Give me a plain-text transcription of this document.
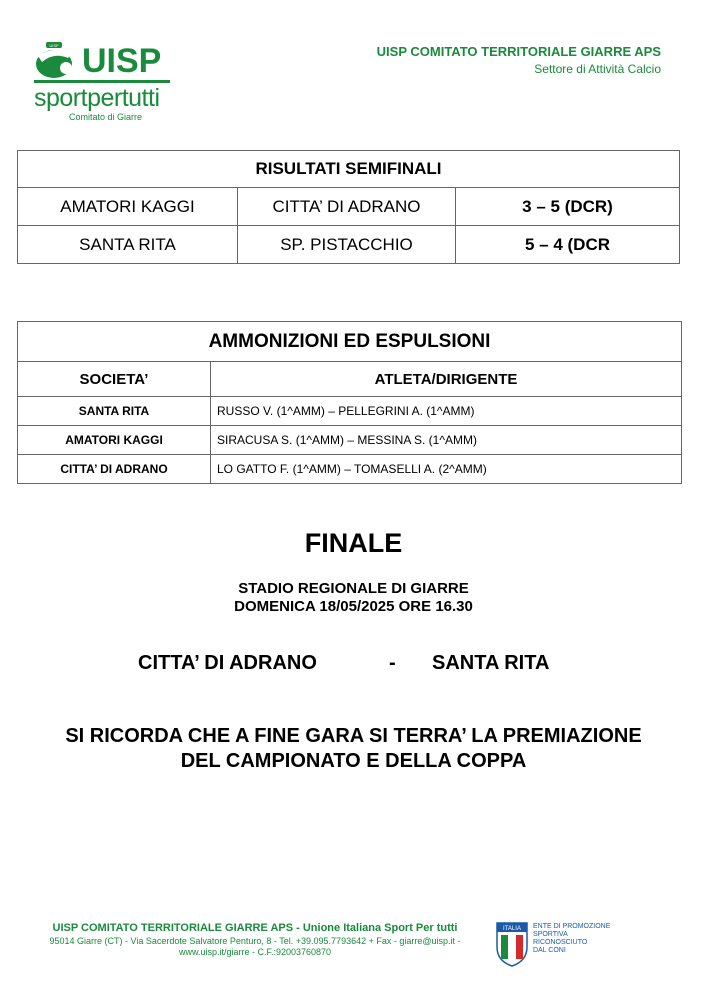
UISP UISP
sportpertutti
Comitato di Giarre
UISP COMITATO TERRITORIALE GIARRE APS
Settore di Attività Calcio
RISULTATI SEMIFINALI		
AMATORI KAGGI	CITTA’ DI ADRANO	3 – 5 (DCR)
SANTA RITA	SP. PISTACCHIO	5 – 4 (DCR
AMMONIZIONI ED ESPULSIONI	
SOCIETA’	ATLETA/DIRIGENTE
SANTA RITA	RUSSO V. (1^AMM) – PELLEGRINI A. (1^AMM)
AMATORI KAGGI	SIRACUSA S. (1^AMM) – MESSINA S. (1^AMM)
CITTA’ DI ADRANO	LO GATTO F. (1^AMM) – TOMASELLI A. (2^AMM)
FINALE
STADIO REGIONALE DI GIARRE
DOMENICA 18/05/2025 ORE 16.30
CITTA’ DI ADRANO	- SANTA RITA
SI RICORDA CHE A FINE GARA SI TERRA’ LA PREMIAZIONE
DEL CAMPIONATO E DELLA COPPA
UISP COMITATO TERRITORIALE GIARRE APS - Unione Italiana Sport Per tutti
95014 Giarre (CT) - Via Sacerdote Salvatore Penturo, 8 - Tel. +39.095.7793642 + Fax - giarre@uisp.it - www.uisp.it/giarre - C.F.:92003760870
ITALIA ENTE DI PROMOZIONE
SPORTIVA
RICONOSCIUTO
DAL CONI
